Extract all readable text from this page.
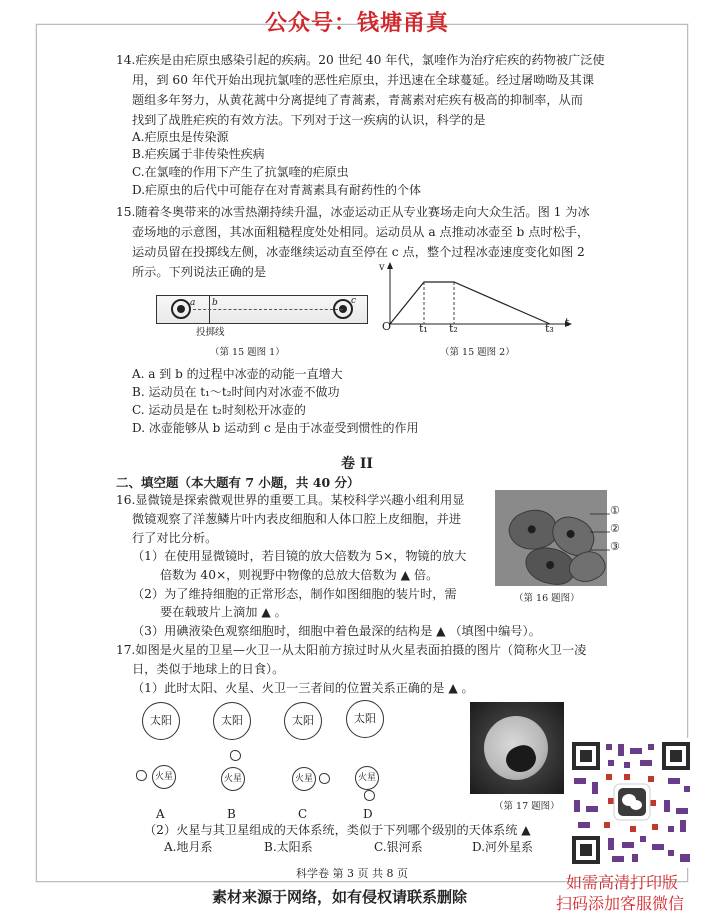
公众号：钱塘甬真
14.疟疾是由疟原虫感染引起的疾病。20 世纪 40 年代，氯喹作为治疗疟疾的药物被广泛使
用，到 60 年代开始出现抗氯喹的恶性疟原虫，并迅速在全球蔓延。经过屠呦呦及其课
题组多年努力，从黄花蒿中分离提纯了青蒿素，青蒿素对疟疾有极高的抑制率，从而
找到了战胜疟疾的有效方法。下列对于这一疾病的认识，科学的是
A.疟原虫是传染源
B.疟疾属于非传染性疾病
C.在氯喹的作用下产生了抗氯喹的疟原虫
D.疟原虫的后代中可能存在对青蒿素具有耐药性的个体
15.随着冬奥带来的冰雪热潮持续升温，冰壶运动正从专业赛场走向大众生活。图 1 为冰
壶场地的示意图，其冰面粗糙程度处处相同。运动员从 a 点推动冰壶至 b 点时松手，
运动员留在投掷线左侧，冰壶继续运动直至停在 c 点，整个过程冰壶速度变化如图 2
所示。下列说法正确的是
a b	c
投掷线
（第 15 题图 1）
v
t
O	t₁ t₂	t₃
（第 15 题图 2）
A. a 到 b 的过程中冰壶的动能一直增大
B. 运动员在 t₁～t₂时间内对冰壶不做功
C. 运动员是在 t₂时刻松开冰壶的
D. 冰壶能够从 b 运动到 c 是由于冰壶受到惯性的作用
卷 II
二、填空题（本大题有 7 小题，共 40 分）
16.显微镜是探索微观世界的重要工具。某校科学兴趣小组利用显
微镜观察了洋葱鳞片叶内表皮细胞和人体口腔上皮细胞，并进
行了对比分析。
（1）在使用显微镜时，若目镜的放大倍数为 5×，物镜的放大
倍数为 40×，则视野中物像的总放大倍数为 ▲ 倍。
（2）为了维持细胞的正常形态，制作如图细胞的装片时，需
要在载玻片上滴加 ▲ 。
（3）用碘液染色观察细胞时，细胞中着色最深的结构是 ▲ （填图中编号）。
①
②
③
（第 16 题图）
17.如图是火星的卫星—火卫一从太阳前方掠过时从火星表面拍摄的图片（简称火卫一凌
日，类似于地球上的日食）。
（1）此时太阳、火星、火卫一三者间的位置关系正确的是 ▲ 。
太阳
火星
太阳
火星
太阳
火星
太阳
火星
A	B	C	D
（第 17 题图）
（2）火星与其卫星组成的天体系统，类似于下列哪个级别的天体系统 ▲
A.地月系	B.太阳系	C.银河系	D.河外星系
科学卷 第 3 页 共 8 页
素材来源于网络，如有侵权请联系删除
如需高清打印版
扫码添加客服微信
